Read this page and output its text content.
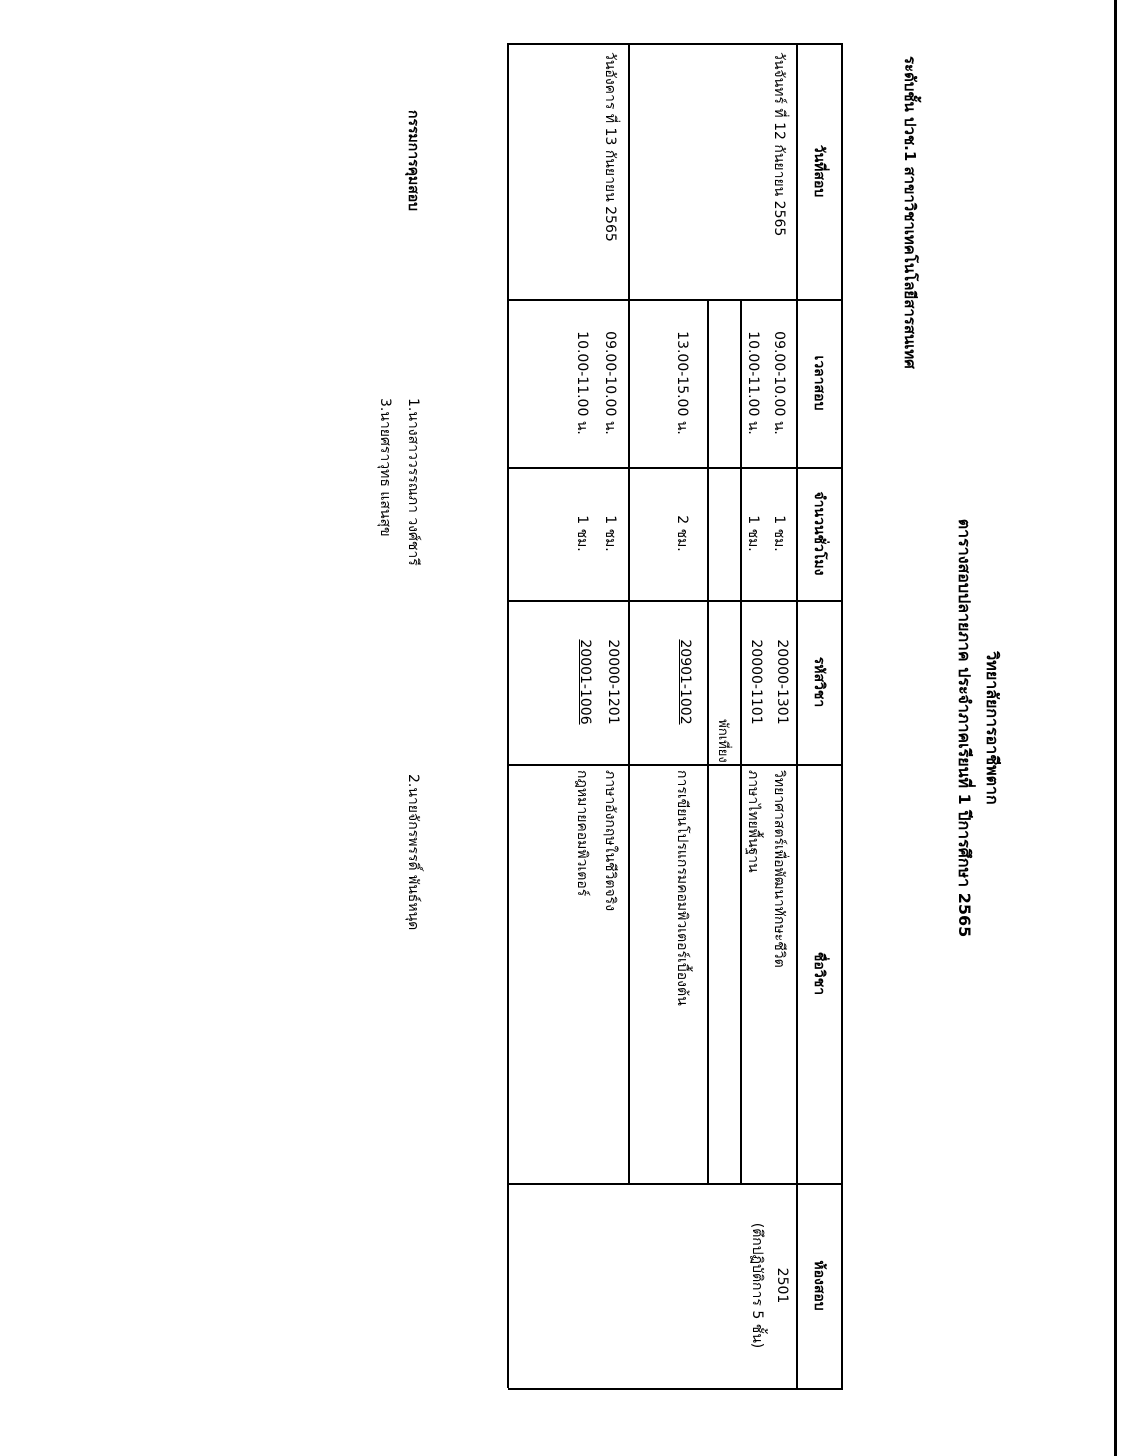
วิทยาลัยการอาชีพตาก
ตารางสอบปลายภาค ประจำภาคเรียนที่ 1 ปีการศึกษา 2565
ระดับชั้น ปวช.1 สาขาวิชาเทคโนโลยีสารสนเทศ
วันที่สอบ
เวลาสอบ
จำนวนชั่วโมง
รหัสวิชา
ชื่อวิชา
ห้องสอบ
วันจันทร์ ที่ 12 กันยายน 2565
09.00-10.00 น.
1 ชม.
20000-1301
วิทยาศาสตร์เพื่อพัฒนาทักษะชีวิต
10.00-11.00 น.
1 ชม.
20000-1101
ภาษาไทยพื้นฐาน
พักเที่ยง
13.00-15.00 น.
2 ชม.
20901-1002
การเขียนโปรแกรมคอมพิวเตอร์เบื้องต้น
วันอังคาร ที่ 13 กันยายน 2565
09.00-10.00 น.
1 ชม.
20000-1201
ภาษาอังกฤษในชีวิตจริง
10.00-11.00 น.
1 ชม.
20001-1006
กฎหมายคอมพิวเตอร์
2501
(ตึกปฏิบัติการ 5 ชั้น)
กรรมการคุมสอบ
1.นางสาววรรณภา วงศ์ชารี
2.นายจักรพรรดิ์ พันธ์หนุด
3.นายศราวุทธ แสนสุข
